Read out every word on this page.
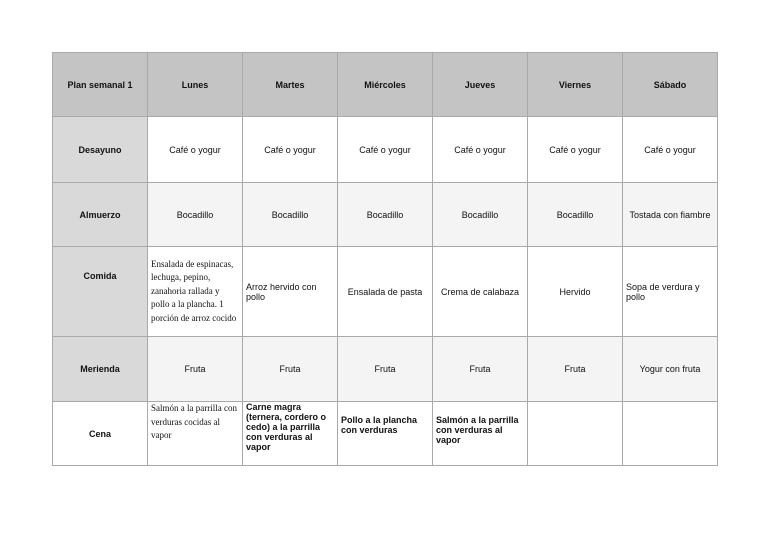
Plan semanal 1	Lunes	Martes	Miércoles	Jueves	Viernes	Sábado
Desayuno	Café o yogur	Café o yogur	Café o yogur	Café o yogur	Café o yogur	Café o yogur
Almuerzo	Bocadillo	Bocadillo	Bocadillo	Bocadillo	Bocadillo	Tostada con fiambre
Comida	Ensalada de espinacas, lechuga, pepino, zanahoria rallada y pollo a la plancha. 1 porción de arroz cocido	Arroz hervido con pollo	Ensalada de pasta	Crema de calabaza	Hervido	Sopa de verdura y pollo
Merienda	Fruta	Fruta	Fruta	Fruta	Fruta	Yogur con fruta
Cena	Salmón a la parrilla con verduras cocidas al vapor	Carne magra (ternera, cordero o cedo) a la parrilla con verduras al vapor	Pollo a la plancha con verduras	Salmón a la parrilla con verduras al vapor		
